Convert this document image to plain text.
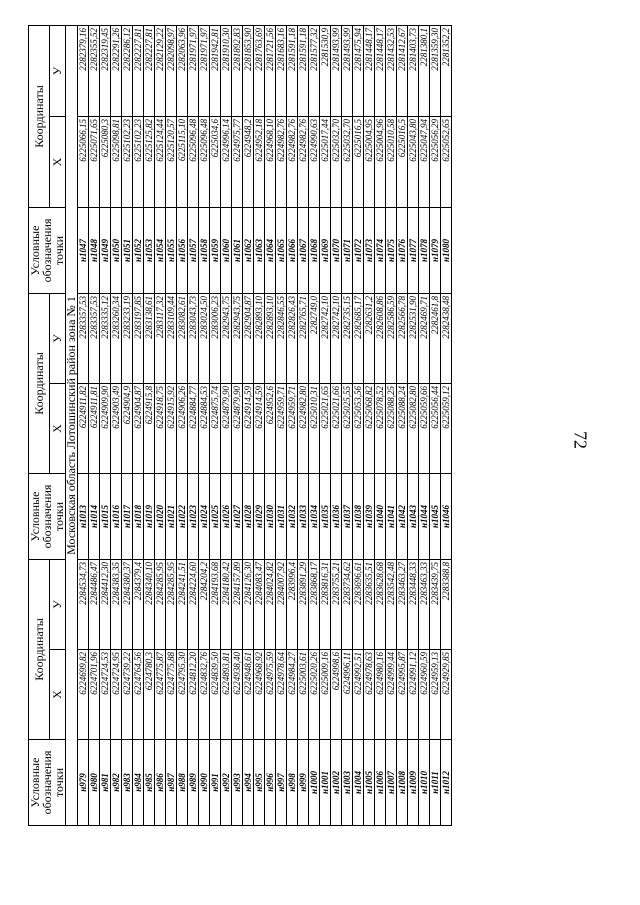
72
Условные
обозначения
точки	Координаты		Условные
обозначения
точки	Координаты		Условные
обозначения
точки	Координаты	
	X	У		X	У		X	У
Московская область Лотошинский район зона № 1								
н979	6224699,82	2284534,73	н1013	6224911,82	2283357,53	н1047	6225066,15	2282379,16
н980	6224701,96	2284486,47	н1014	6224911,81	2283357,53	н1048	6225071,65	2282355,52
н981	6224724,53	2284412,30	н1015	6224909,90	2283335,12	н1049	6225080,3	2282319,45
н982	6224724,95	2284383,35	н1016	6224903,49	2283260,34	н1050	6225098,81	2282291,26
н983	6224739,22	2284380,37	н1017	6224904,9	2283233,19	н1051	6225102,23	2282286,12
н984	6224764,56	2284379,4	н1018	6224904,87	2283197,85	н1052	6225102,23	2282227,81
н985	6224780,3	2284340,10	н1019	6224915,8	2283138,61	н1053	6225125,82	2282227,81
н986	6224775,87	2284285,95	н1020	6224918,75	2283117,32	н1054	6225124,44	2282129,22
н987	6224775,88	2284285,95	н1021	6224915,92	2283109,44	н1055	6225120,57	2282098,97
н988	6224795,30	2284241,51	н1022	6224906,26	2283082,61	н1056	6225115,10	2282063,96
н989	6224812,20	2284224,60	н1023	6224884,77	2283043,73	н1057	6225096,48	2281971,97
н990	6224832,76	2284204,2	н1024	6224884,53	2283024,50	н1058	6225096,48	2281971,97
н991	6224839,50	2284193,68	н1025	6224875,74	2283006,23	н1059	6225034,6	2281942,81
н992	6224893,81	2284180,42	н1026	6224879,90	2282943,75	н1060	6224996,14	2281910,30
н993	6224938,40	2284157,89	н1027	6224879,90	2282943,75	н1061	6224975,77	2281892,83
н994	6224948,61	2284126,30	н1028	6224914,59	2282904,87	н1062	6224948,2	2281853,90
н995	6224968,92	2284083,47	н1029	6224914,59	2282893,10	н1063	6224952,18	2281763,69
н996	6224975,59	2284024,82	н1030	6224952,6	2282893,10	н1064	6224968,10	2281721,56
н997	6224978,64	2284007,92	н1031	6224959,71	2282846,55	н1065	6224982,76	2281683,16
н998	6224984,27	2283996,4	н1032	6224959,71	2282826,43	н1066	6224982,76	2281591,18
н999	6225003,61	2283891,29	н1033	6224982,80	2282765,71	н1067	6224982,76	2281591,18
н1000	6225020,26	2283868,17	н1034	6225010,31	2282749,0	н1068	6224990,63	2281577,32
н1001	6225009,16	2283816,31	н1035	6225021,65	2282742,10	н1069	6225017,44	2281530,9
н1002	6224998,6	2283755,21	н1036	6225021,66	2282742,10	н1070	6225032,70	2281493,99
н1003	6224996,11	2283734,62	н1037	6225025,55	2282735,15	н1071	6225032,70	2281493,99
н1004	6224992,51	2283696,61	н1038	6225053,56	2282685,17	н1072	6225016,5	2281475,94
н1005	6224978,63	2283635,51	н1039	6225068,82	2282631,2	н1073	6225004,95	2281448,17
н1006	6224980,16	2283628,68	н1040	6225078,52	2282608,86	н1074	6225004,96	2281448,17
н1007	6224999,44	2283542,48	н1041	6225088,25	2282586,59	н1075	6225010,58	2281432,53
н1008	6224995,87	2283463,27	н1042	6225088,24	2282566,78	н1076	6225016,5	2281412,67
н1009	6224991,12	2283448,33	н1043	6225082,80	2282531,90	н1077	6225043,80	2281403,73
н1010	6224960,59	2283463,33	н1044	6225059,66	2282469,71	н1078	6225047,94	2281380,1
н1011	6224959,13	2283439,75	н1045	6225056,44	2282461,8	н1079	6225056,29	2281359,30
н1012	6224929,85	2283388,8	н1046	6225059,12	2282438,48	н1080	6225052,65	2281352,2
